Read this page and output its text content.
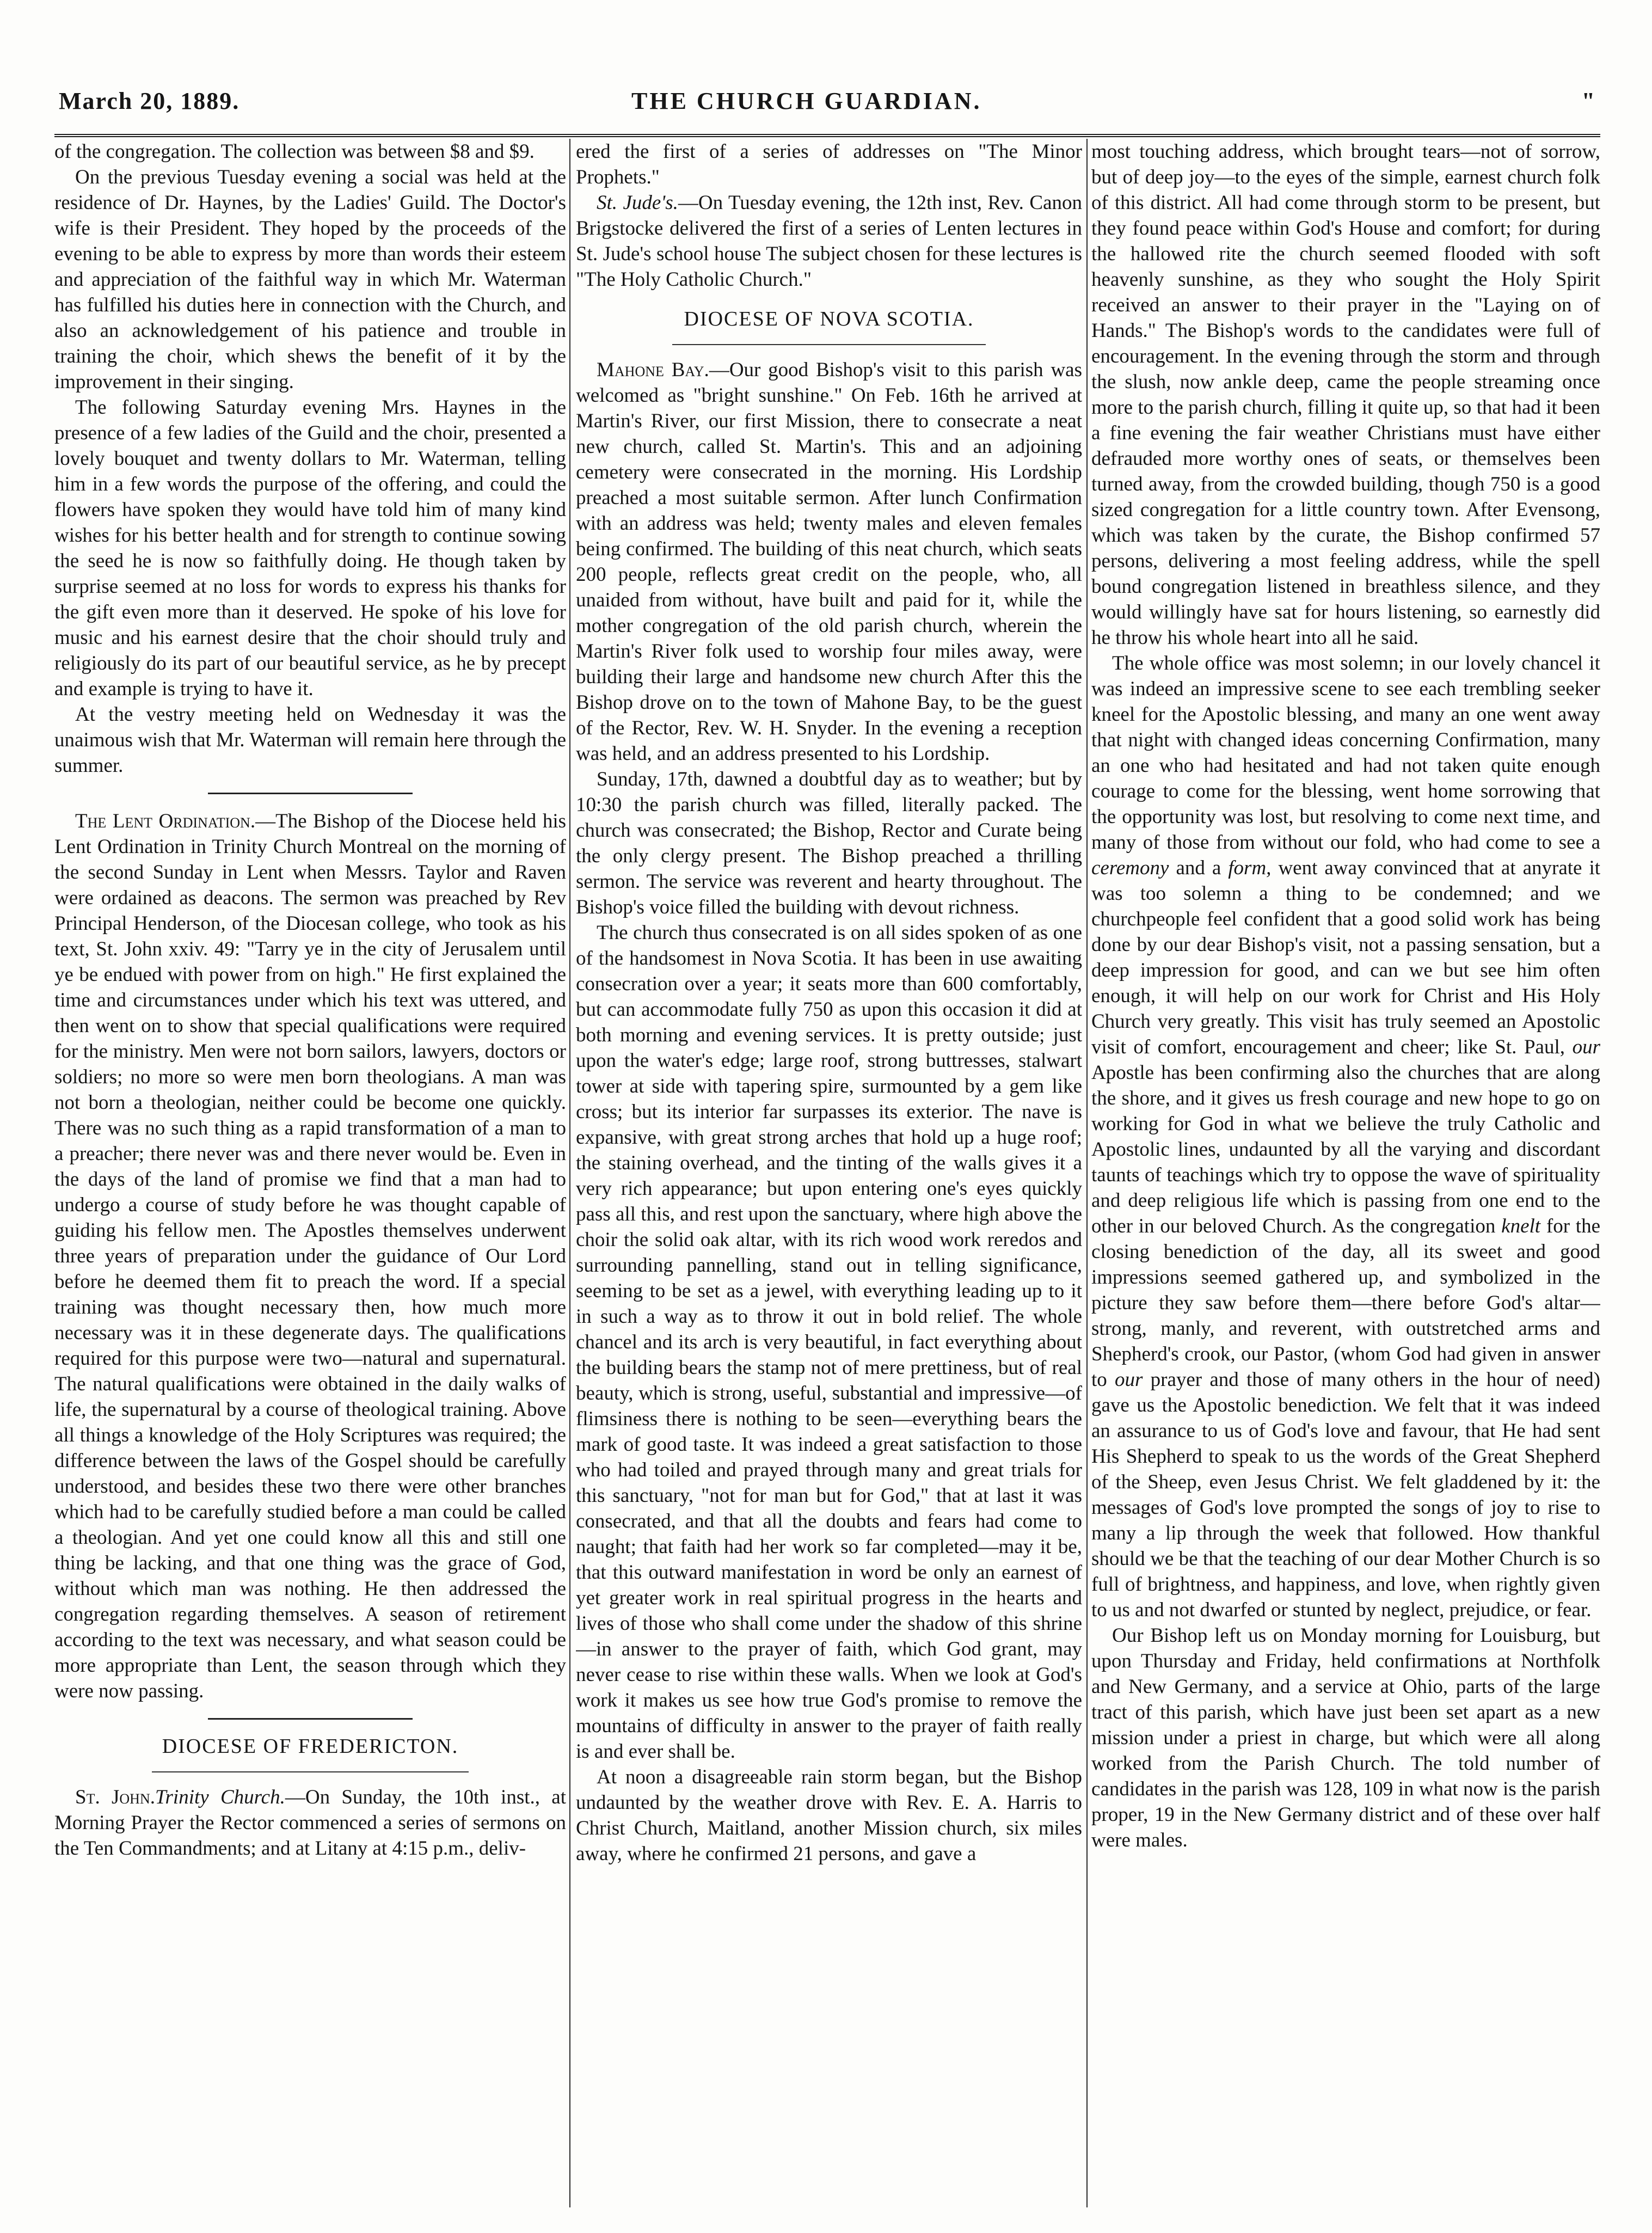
March 20, 1889.	THE CHURCH GUARDIAN.	"

of the congregation. The collection was between $8 and $9.

On the previous Tuesday evening a social was held at the residence of Dr. Haynes, by the Ladies' Guild. The Doctor's wife is their President. They hoped by the proceeds of the evening to be able to express by more than words their esteem and appreciation of the faithful way in which Mr. Waterman has fulfilled his duties here in connection with the Church, and also an acknowledgement of his patience and trouble in training the choir, which shews the benefit of it by the improvement in their singing.

The following Saturday evening Mrs. Haynes in the presence of a few ladies of the Guild and the choir, presented a lovely bouquet and twenty dollars to Mr. Waterman, telling him in a few words the purpose of the offering, and could the flowers have spoken they would have told him of many kind wishes for his better health and for strength to continue sowing the seed he is now so faithfully doing. He though taken by surprise seemed at no loss for words to express his thanks for the gift even more than it deserved. He spoke of his love for music and his earnest desire that the choir should truly and religiously do its part of our beautiful service, as he by precept and example is trying to have it.

At the vestry meeting held on Wednesday it was the unaimous wish that Mr. Waterman will remain here through the summer.

The Lent Ordination.—The Bishop of the Diocese held his Lent Ordination in Trinity Church Montreal on the morning of the second Sunday in Lent when Messrs. Taylor and Raven were ordained as deacons. The sermon was preached by Rev Principal Henderson, of the Diocesan college, who took as his text, St. John xxiv. 49: "Tarry ye in the city of Jerusalem until ye be endued with power from on high." He first explained the time and circumstances under which his text was uttered, and then went on to show that special qualifications were required for the ministry. Men were not born sailors, lawyers, doctors or soldiers; no more so were men born theologians. A man was not born a theologian, neither could be become one quickly. There was no such thing as a rapid transformation of a man to a preacher; there never was and there never would be. Even in the days of the land of promise we find that a man had to undergo a course of study before he was thought capable of guiding his fellow men. The Apostles themselves underwent three years of preparation under the guidance of Our Lord before he deemed them fit to preach the word. If a special training was thought necessary then, how much more necessary was it in these degenerate days. The qualifications required for this purpose were two—natural and supernatural. The natural qualifications were obtained in the daily walks of life, the supernatural by a course of theological training. Above all things a knowledge of the Holy Scriptures was required; the difference between the laws of the Gospel should be carefully understood, and besides these two there were other branches which had to be carefully studied before a man could be called a theologian. And yet one could know all this and still one thing be lacking, and that one thing was the grace of God, without which man was nothing. He then addressed the congregation regarding themselves. A season of retirement according to the text was necessary, and what season could be more appropriate than Lent, the season through which they were now passing.

DIOCESE OF FREDERICTON.

St. John.Trinity Church.—On Sunday, the 10th inst., at Morning Prayer the Rector commenced a series of sermons on the Ten Commandments; and at Litany at 4:15 p.m., deliv-

ered the first of a series of addresses on "The Minor Prophets."

St. Jude's.—On Tuesday evening, the 12th inst, Rev. Canon Brigstocke delivered the first of a series of Lenten lectures in St. Jude's school house The subject chosen for these lectures is "The Holy Catholic Church."

DIOCESE OF NOVA SCOTIA.

Mahone Bay.—Our good Bishop's visit to this parish was welcomed as "bright sunshine." On Feb. 16th he arrived at Martin's River, our first Mission, there to consecrate a neat new church, called St. Martin's. This and an adjoining cemetery were consecrated in the morning. His Lordship preached a most suitable sermon. After lunch Confirmation with an address was held; twenty males and eleven females being confirmed. The building of this neat church, which seats 200 people, reflects great credit on the people, who, all unaided from without, have built and paid for it, while the mother congregation of the old parish church, wherein the Martin's River folk used to worship four miles away, were building their large and handsome new church After this the Bishop drove on to the town of Mahone Bay, to be the guest of the Rector, Rev. W. H. Snyder. In the evening a reception was held, and an address presented to his Lordship.

Sunday, 17th, dawned a doubtful day as to weather; but by 10:30 the parish church was filled, literally packed. The church was consecrated; the Bishop, Rector and Curate being the only clergy present. The Bishop preached a thrilling sermon. The service was reverent and hearty throughout. The Bishop's voice filled the building with devout richness.

The church thus consecrated is on all sides spoken of as one of the handsomest in Nova Scotia. It has been in use awaiting consecration over a year; it seats more than 600 comfortably, but can accommodate fully 750 as upon this occasion it did at both morning and evening services. It is pretty outside; just upon the water's edge; large roof, strong buttresses, stalwart tower at side with tapering spire, surmounted by a gem like cross; but its interior far surpasses its exterior. The nave is expansive, with great strong arches that hold up a huge roof; the staining overhead, and the tinting of the walls gives it a very rich appearance; but upon entering one's eyes quickly pass all this, and rest upon the sanctuary, where high above the choir the solid oak altar, with its rich wood work reredos and surrounding pannelling, stand out in telling significance, seeming to be set as a jewel, with everything leading up to it in such a way as to throw it out in bold relief. The whole chancel and its arch is very beautiful, in fact everything about the building bears the stamp not of mere prettiness, but of real beauty, which is strong, useful, substantial and impressive—of flimsiness there is nothing to be seen—everything bears the mark of good taste. It was indeed a great satisfaction to those who had toiled and prayed through many and great trials for this sanctuary, "not for man but for God," that at last it was consecrated, and that all the doubts and fears had come to naught; that faith had her work so far completed—may it be, that this outward manifestation in word be only an earnest of yet greater work in real spiritual progress in the hearts and lives of those who shall come under the shadow of this shrine—in answer to the prayer of faith, which God grant, may never cease to rise within these walls. When we look at God's work it makes us see how true God's promise to remove the mountains of difficulty in answer to the prayer of faith really is and ever shall be.

At noon a disagreeable rain storm began, but the Bishop undaunted by the weather drove with Rev. E. A. Harris to Christ Church, Maitland, another Mission church, six miles away, where he confirmed 21 persons, and gave a

most touching address, which brought tears—not of sorrow, but of deep joy—to the eyes of the simple, earnest church folk of this district. All had come through storm to be present, but they found peace within God's House and comfort; for during the hallowed rite the church seemed flooded with soft heavenly sunshine, as they who sought the Holy Spirit received an answer to their prayer in the "Laying on of Hands." The Bishop's words to the candidates were full of encouragement. In the evening through the storm and through the slush, now ankle deep, came the people streaming once more to the parish church, filling it quite up, so that had it been a fine evening the fair weather Christians must have either defrauded more worthy ones of seats, or themselves been turned away, from the crowded building, though 750 is a good sized congregation for a little country town. After Evensong, which was taken by the curate, the Bishop confirmed 57 persons, delivering a most feeling address, while the spell bound congregation listened in breathless silence, and they would willingly have sat for hours listening, so earnestly did he throw his whole heart into all he said.

The whole office was most solemn; in our lovely chancel it was indeed an impressive scene to see each trembling seeker kneel for the Apostolic blessing, and many an one went away that night with changed ideas concerning Confirmation, many an one who had hesitated and had not taken quite enough courage to come for the blessing, went home sorrowing that the opportunity was lost, but resolving to come next time, and many of those from without our fold, who had come to see a ceremony and a form, went away convinced that at anyrate it was too solemn a thing to be condemned; and we churchpeople feel confident that a good solid work has being done by our dear Bishop's visit, not a passing sensation, but a deep impression for good, and can we but see him often enough, it will help on our work for Christ and His Holy Church very greatly. This visit has truly seemed an Apostolic visit of comfort, encouragement and cheer; like St. Paul, our Apostle has been confirming also the churches that are along the shore, and it gives us fresh courage and new hope to go on working for God in what we believe the truly Catholic and Apostolic lines, undaunted by all the varying and discordant taunts of teachings which try to oppose the wave of spirituality and deep religious life which is passing from one end to the other in our beloved Church. As the congregation knelt for the closing benediction of the day, all its sweet and good impressions seemed gathered up, and symbolized in the picture they saw before them—there before God's altar—strong, manly, and reverent, with outstretched arms and Shepherd's crook, our Pastor, (whom God had given in answer to our prayer and those of many others in the hour of need) gave us the Apostolic benediction. We felt that it was indeed an assurance to us of God's love and favour, that He had sent His Shepherd to speak to us the words of the Great Shepherd of the Sheep, even Jesus Christ. We felt gladdened by it: the messages of God's love prompted the songs of joy to rise to many a lip through the week that followed. How thankful should we be that the teaching of our dear Mother Church is so full of brightness, and happiness, and love, when rightly given to us and not dwarfed or stunted by neglect, prejudice, or fear.

Our Bishop left us on Monday morning for Louisburg, but upon Thursday and Friday, held confirmations at Northfolk and New Germany, and a service at Ohio, parts of the large tract of this parish, which have just been set apart as a new mission under a priest in charge, but which were all along worked from the Parish Church. The told number of candidates in the parish was 128, 109 in what now is the parish proper, 19 in the New Germany district and of these over half were males.
